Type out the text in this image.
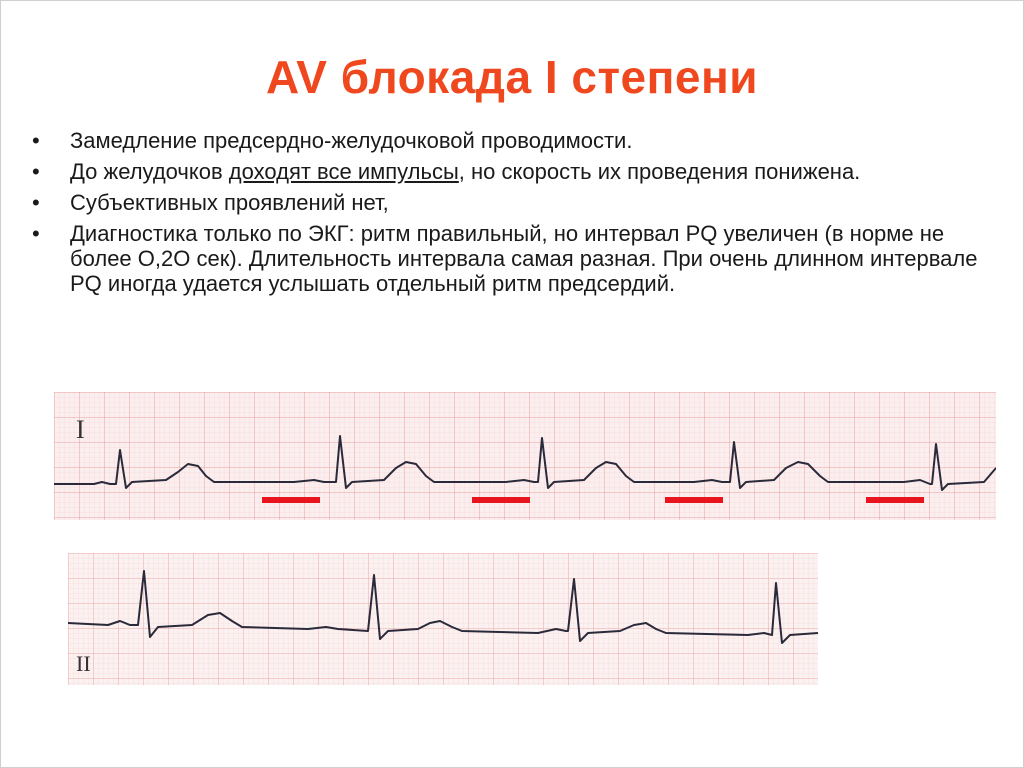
AV блокада I степени
•	Замедление предсердно-желудочковой проводимости.
•	До желудочков доходят все импульсы, но скорость их проведения понижена.
•	Субъективных проявлений нет,
•	Диагностика только по ЭКГ: ритм правильный, но интервал PQ увеличен (в норме не более О,2О сек). Длительность интервала самая разная. При очень длинном интервале PQ иногда удается услышать отдельный ритм предсердий.
I
II
